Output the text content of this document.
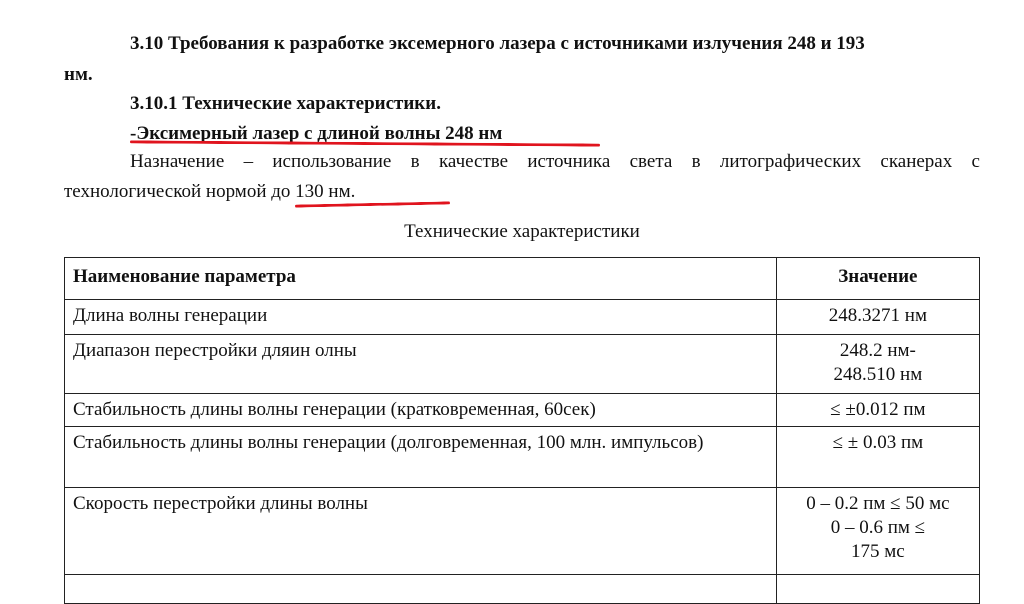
3.10 Требования к разработке эксемерного лазера с источниками излучения 248 и 193
нм.
3.10.1 Технические характеристики.
-Эксимерный лазер с длиной волны 248 нм
Назначение – использование в качестве источника света в литографических сканерах с
технологической нормой до 130 нм.
Технические характеристики
Наименование параметра	Значение
Длина волны генерации	248.3271 нм
Диапазон перестройки дляин олны	248.2 нм-
248.510 нм

Стабильность длины волны генерации (кратковременная, 60сек)	≤ ±0.012 пм
Стабильность длины волны генерации (долговременная, 100 млн. импульсов)	≤ ± 0.03 пм
Скорость перестройки длины волны	0 – 0.2 пм ≤ 50 мс
0 – 0.6 пм ≤
175 мс
